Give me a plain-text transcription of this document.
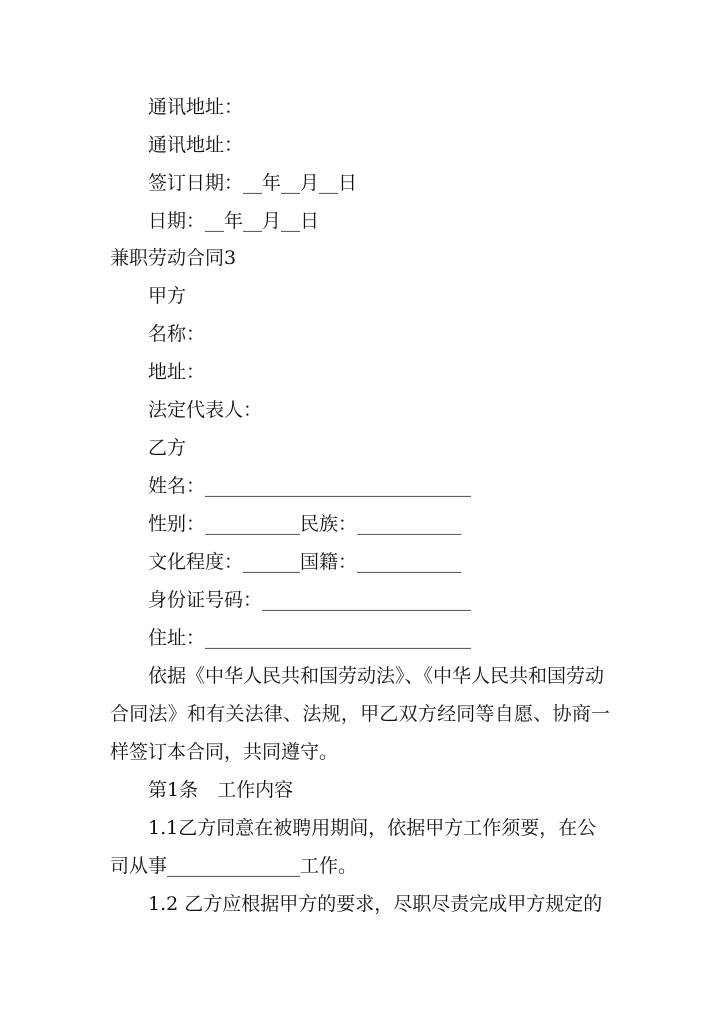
通讯地址：
通讯地址：
签订日期：__年__月__日
日期：__年__月__日
兼职劳动合同3
甲方
名称：
地址：
法定代表人：
乙方
姓名：____________________________
性别：__________民族：___________
文化程度：______国籍：___________
身份证号码：______________________
住址：____________________________
依据《中华人民共和国劳动法》、《中华人民共和国劳动
合同法》和有关法律、法规，甲乙双方经同等自愿、协商一
样签订本合同，共同遵守。
第1条　工作内容
1.1乙方同意在被聘用期间，依据甲方工作须要，在公
司从事______________工作。
1.2 乙方应根据甲方的要求，尽职尽责完成甲方规定的
